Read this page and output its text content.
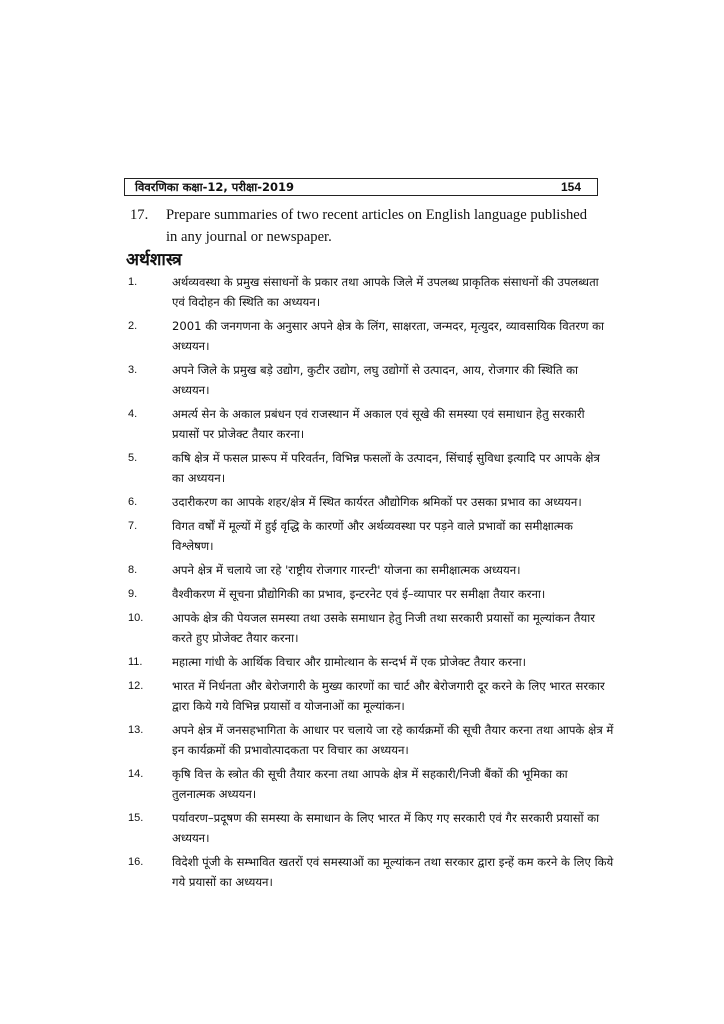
विवरणिका कक्षा-12, परीक्षा-2019	154
17. Prepare summaries of two recent articles on English language published in any journal or newspaper.
अर्थशास्त्र
1.	अर्थव्यवस्था के प्रमुख संसाधनों के प्रकार तथा आपके जिले में उपलब्ध प्राकृतिक संसाधनों की उपलब्धता एवं विदोहन की स्थिति का अध्ययन।
2.	2001 की जनगणना के अनुसार अपने क्षेत्र के लिंग, साक्षरता, जन्मदर, मृत्युदर, व्यावसायिक वितरण का अध्ययन।
3.	अपने जिले के प्रमुख बड़े उद्योग, कुटीर उद्योग, लघु उद्योगों से उत्पादन, आय, रोजगार की स्थिति का अध्ययन।
4.	अमर्त्य सेन के अकाल प्रबंधन एवं राजस्थान में अकाल एवं सूखे की समस्या एवं समाधान हेतु सरकारी प्रयासों पर प्रोजेक्ट तैयार करना।
5.	कषि क्षेत्र में फसल प्रारूप में परिवर्तन, विभिन्न फसलों के उत्पादन, सिंचाई सुविधा इत्यादि पर आपके क्षेत्र का अध्ययन।
6.	उदारीकरण का आपके शहर/क्षेत्र में स्थित कार्यरत औद्योगिक श्रमिकों पर उसका प्रभाव का अध्ययन।
7.	विगत वर्षों में मूल्यों में हुई वृद्धि के कारणों और अर्थव्यवस्था पर पड़ने वाले प्रभावों का समीक्षात्मक विश्लेषण।
8.	अपने क्षेत्र में चलाये जा रहे 'राष्ट्रीय रोजगार गारन्टी' योजना का समीक्षात्मक अध्ययन।
9.	वैश्वीकरण में सूचना प्रौद्योगिकी का प्रभाव, इन्टरनेट एवं ई–व्यापार पर समीक्षा तैयार करना।
10. आपके क्षेत्र की पेयजल समस्या तथा उसके समाधान हेतु निजी तथा सरकारी प्रयासों का मूल्यांकन तैयार करते हुए प्रोजेक्ट तैयार करना।
11.	महात्मा गांधी के आर्थिक विचार और ग्रामोत्थान के सन्दर्भ में एक प्रोजेक्ट तैयार करना।
12. भारत में निर्धनता और बेरोजगारी के मुख्य कारणों का चार्ट और बेरोजगारी दूर करने के लिए भारत सरकार द्वारा किये गये विभिन्न प्रयासों व योजनाओं का मूल्यांकन।
13. अपने क्षेत्र में जनसहभागिता के आधार पर चलाये जा रहे कार्यक्रमों की सूची तैयार करना तथा आपके क्षेत्र में इन कार्यक्रमों की प्रभावोत्पादकता पर विचार का अध्ययन।
14. कृषि वित्त के स्त्रोत की सूची तैयार करना तथा आपके क्षेत्र में सहकारी/निजी बैंकों की भूमिका का तुलनात्मक अध्ययन।
15. पर्यावरण–प्रदूषण की समस्या के समाधान के लिए भारत में किए गए सरकारी एवं गैर सरकारी प्रयासों का अध्ययन।
16. विदेशी पूंजी के सम्भावित खतरों एवं समस्याओं का मूल्यांकन तथा सरकार द्वारा इन्हें कम करने के लिए किये गये प्रयासों का अध्ययन।
